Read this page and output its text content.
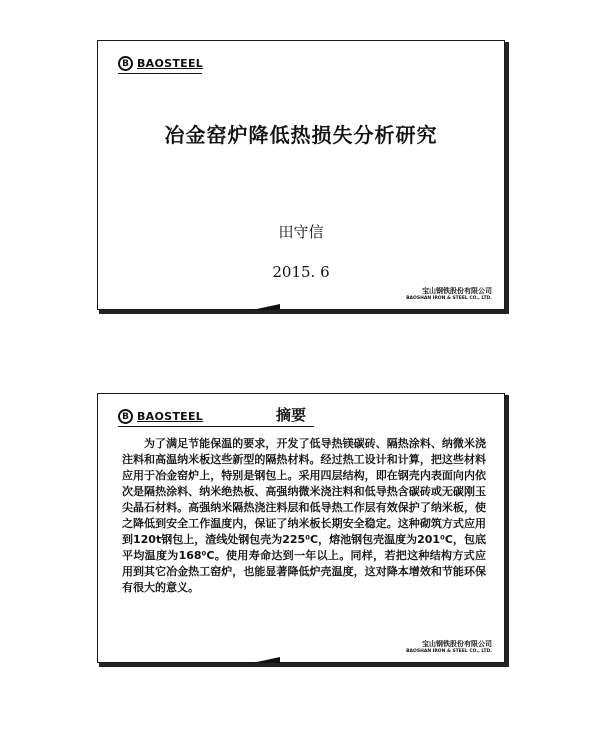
B BAOSTEEL
冶金窑炉降低热损失分析研究
田守信
2015. 6
宝山钢铁股份有限公司
BAOSHAN IRON & STEEL CO., LTD.
B BAOSTEEL	摘要

为了满足节能保温的要求，开发了低导热镁碳砖、隔热涂料、纳微米浇注料和高温纳米板这些新型的隔热材料。经过热工设计和计算，把这些材料应用于冶金窑炉上，特别是钢包上。采用四层结构，即在钢壳内表面向内依次是隔热涂料、纳米绝热板、高强纳微米浇注料和低导热含碳砖或无碳刚玉尖晶石材料。高强纳米隔热浇注料层和低导热工作层有效保护了纳米板，使之降低到安全工作温度内，保证了纳米板长期安全稳定。这种砌筑方式应用到120t钢包上，渣线处钢包壳为225⁰C，熔池钢包壳温度为201⁰C，包底平均温度为168⁰C。使用寿命达到一年以上。同样，若把这种结构方式应用到其它冶金热工窑炉，也能显著降低炉壳温度，这对降本增效和节能环保有很大的意义。

宝山钢铁股份有限公司
BAOSHAN IRON & STEEL CO., LTD.
